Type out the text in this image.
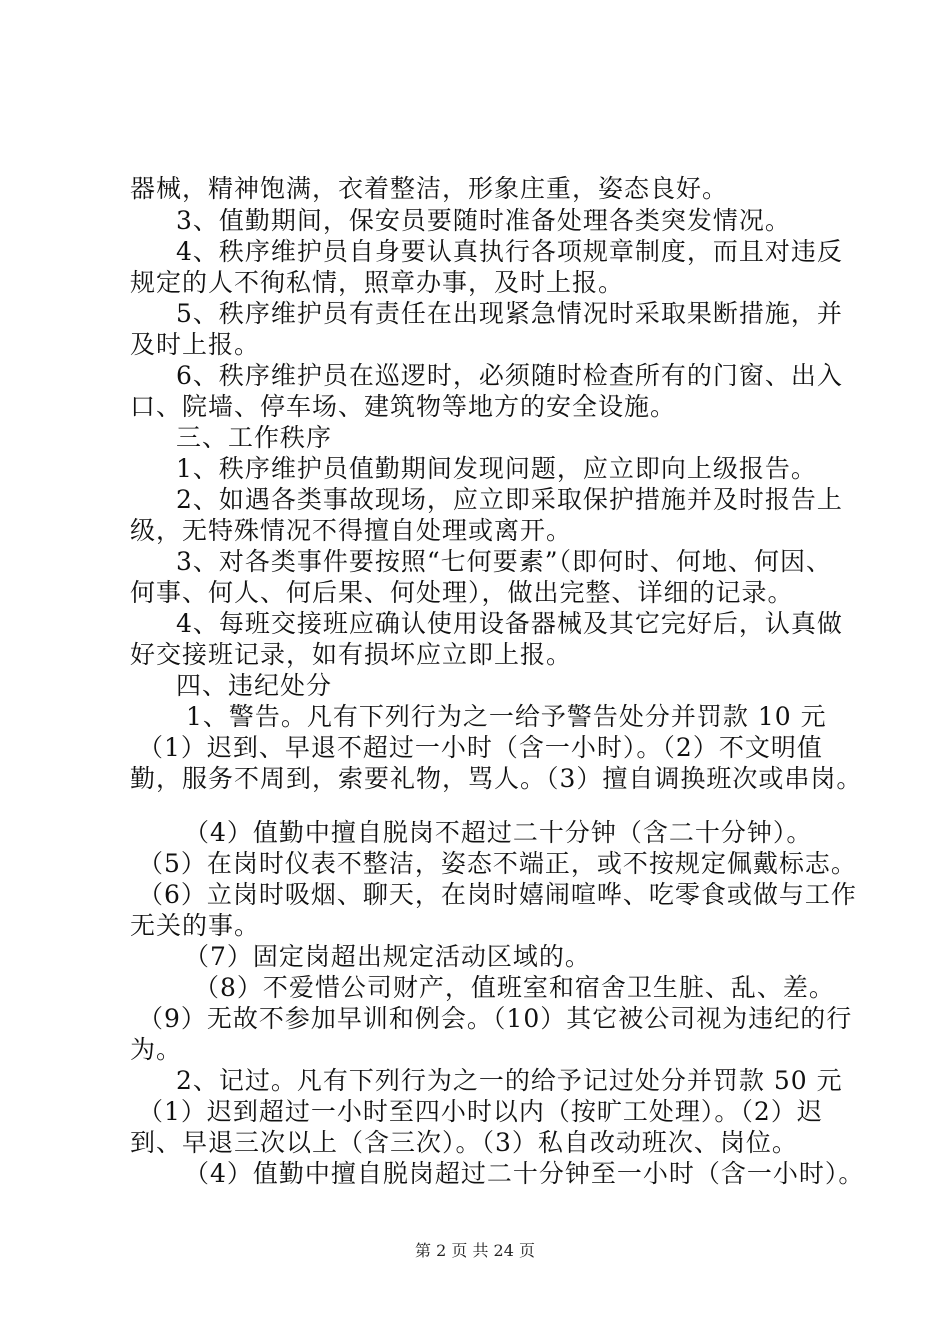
器械，精神饱满，衣着整洁，形象庄重，姿态良好。
3、值勤期间，保安员要随时准备处理各类突发情况。
4、秩序维护员自身要认真执行各项规章制度，而且对违反
规定的人不徇私情，照章办事，及时上报。
5、秩序维护员有责任在出现紧急情况时采取果断措施，并
及时上报。
6、秩序维护员在巡逻时，必须随时检查所有的门窗、出入
口、院墙、停车场、建筑物等地方的安全设施。
三、工作秩序
1、秩序维护员值勤期间发现问题，应立即向上级报告。
2、如遇各类事故现场，应立即采取保护措施并及时报告上
级，无特殊情况不得擅自处理或离开。
3、对各类事件要按照“七何要素”（即何时、何地、何因、
何事、何人、何后果、何处理），做出完整、详细的记录。
4、每班交接班应确认使用设备器械及其它完好后，认真做
好交接班记录，如有损坏应立即上报。
四、违纪处分
1、警告。凡有下列行为之一给予警告处分并罚款 10 元
（1）迟到、早退不超过一小时（含一小时）。（2）不文明值
勤，服务不周到，索要礼物，骂人。（3）擅自调换班次或串岗。
（4）值勤中擅自脱岗不超过二十分钟（含二十分钟）。
（5）在岗时仪表不整洁，姿态不端正，或不按规定佩戴标志。
（6）立岗时吸烟、聊天，在岗时嬉闹喧哗、吃零食或做与工作
无关的事。
（7）固定岗超出规定活动区域的。
（8）不爱惜公司财产，值班室和宿舍卫生脏、乱、差。
（9）无故不参加早训和例会。（10）其它被公司视为违纪的行
为。
2、记过。凡有下列行为之一的给予记过处分并罚款 50 元
（1）迟到超过一小时至四小时以内（按旷工处理）。（2）迟
到、早退三次以上（含三次）。（3）私自改动班次、岗位。
（4）值勤中擅自脱岗超过二十分钟至一小时（含一小时）。
第 2 页 共 24 页
